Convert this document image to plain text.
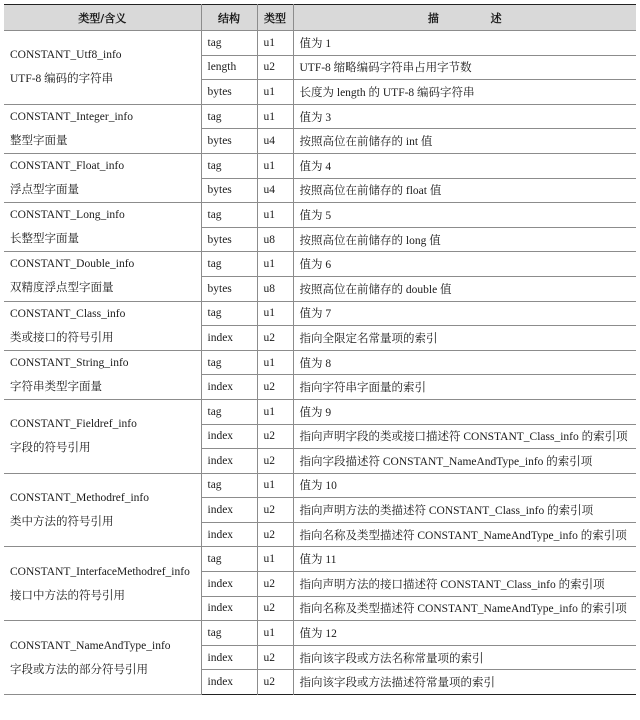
类型/含义	结构	类型	描 述

CONSTANT_Utf8_info
UTF-8 编码的字符串	tag	u1	值为 1
	length	u2	UTF-8 缩略编码字符串占用字节数
	bytes	u1	长度为 length 的 UTF-8 编码字符串

CONSTANT_Integer_info
整型字面量	tag	u1	值为 3
	bytes	u4	按照高位在前储存的 int 值

CONSTANT_Float_info
浮点型字面量	tag	u1	值为 4
	bytes	u4	按照高位在前储存的 float 值

CONSTANT_Long_info
长整型字面量	tag	u1	值为 5
	bytes	u8	按照高位在前储存的 long 值

CONSTANT_Double_info
双精度浮点型字面量	tag	u1	值为 6
	bytes	u8	按照高位在前储存的 double 值

CONSTANT_Class_info
类或接口的符号引用	tag	u1	值为 7
	index	u2	指向全限定名常量项的索引

CONSTANT_String_info
字符串类型字面量	tag	u1	值为 8
	index	u2	指向字符串字面量的索引

CONSTANT_Fieldref_info
字段的符号引用	tag	u1	值为 9
	index	u2	指向声明字段的类或接口描述符 CONSTANT_Class_info 的索引项
	index	u2	指向字段描述符 CONSTANT_NameAndType_info 的索引项

CONSTANT_Methodref_info
类中方法的符号引用	tag	u1	值为 10
	index	u2	指向声明方法的类描述符 CONSTANT_Class_info 的索引项
	index	u2	指向名称及类型描述符 CONSTANT_NameAndType_info 的索引项

CONSTANT_InterfaceMethodref_info
接口中方法的符号引用	tag	u1	值为 11
	index	u2	指向声明方法的接口描述符 CONSTANT_Class_info 的索引项
	index	u2	指向名称及类型描述符 CONSTANT_NameAndType_info 的索引项

CONSTANT_NameAndType_info
字段或方法的部分符号引用	tag	u1	值为 12
	index	u2	指向该字段或方法名称常量项的索引
	index	u2	指向该字段或方法描述符常量项的索引
